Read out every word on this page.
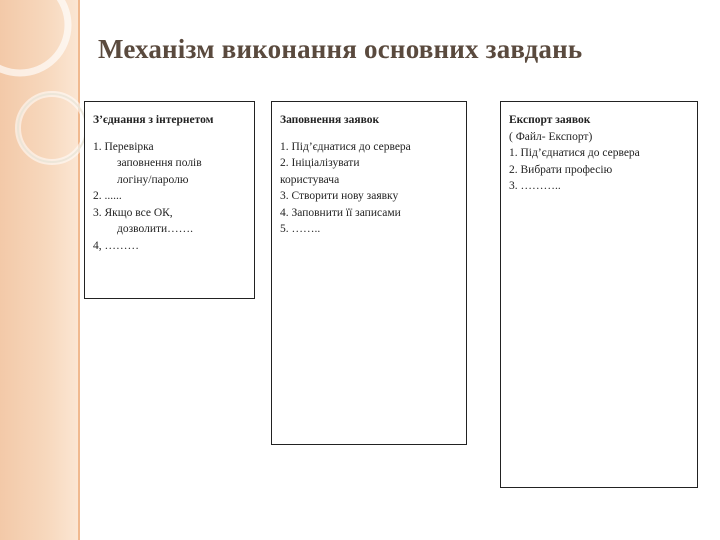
Механізм виконання основних завдань
З’єднання з інтернетом
1. Перевірка
заповнення полів
логіну/паролю
2. ......
3. Якщо все ОК,
дозволити…….
4, ………
Заповнення заявок
1. Під’єднатися до сервера
2. Ініціалізувати
користувача
3. Створити нову заявку
4. Заповнити її записами
5. ……..
Експорт заявок
( Файл- Експорт)
1. Під’єднатися до сервера
2. Вибрати професію
3. ………..
